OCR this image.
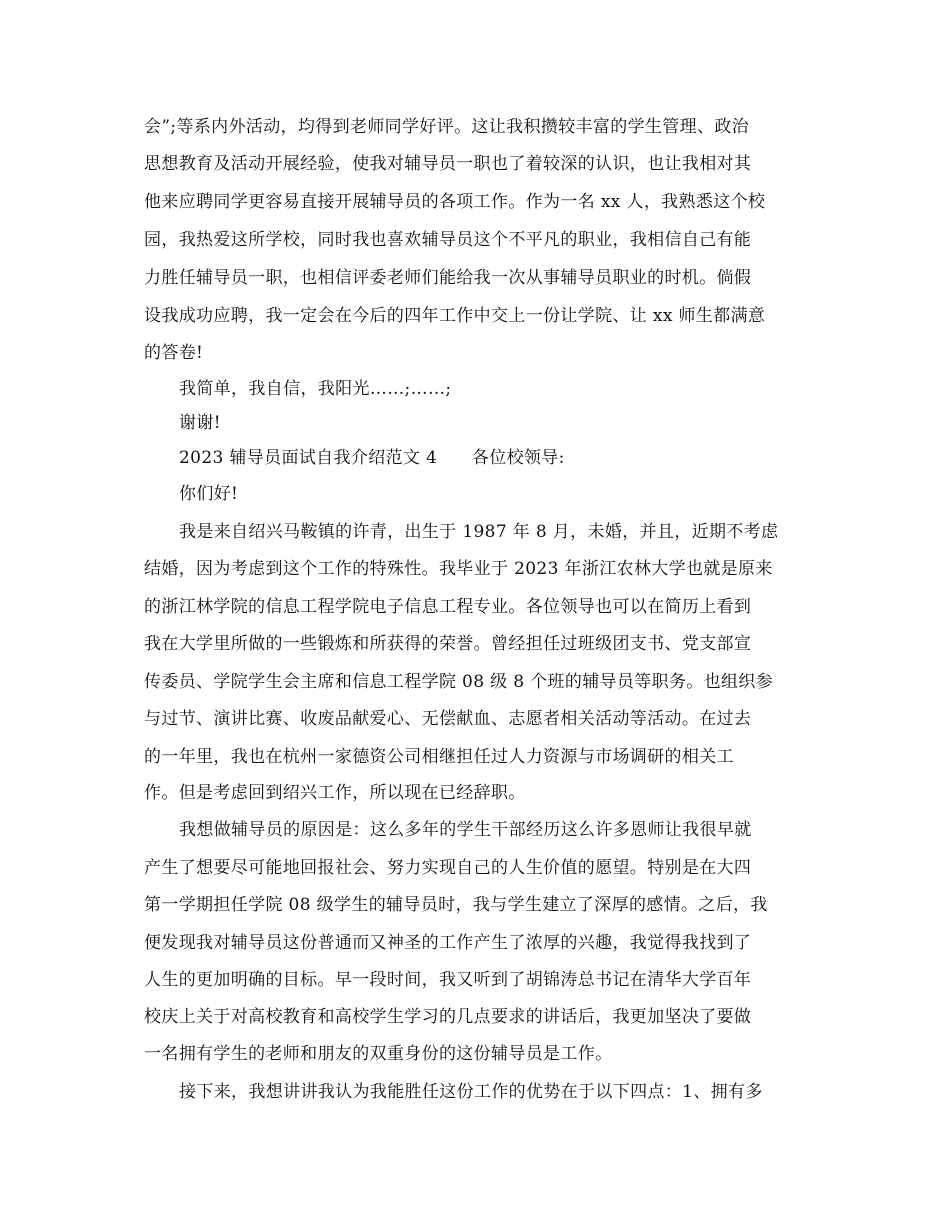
会”;等系内外活动，均得到老师同学好评。这让我积攒较丰富的学生管理、政治
思想教育及活动开展经验，使我对辅导员一职也了着较深的认识，也让我相对其
他来应聘同学更容易直接开展辅导员的各项工作。作为一名 xx 人，我熟悉这个校
园，我热爱这所学校，同时我也喜欢辅导员这个不平凡的职业，我相信自己有能
力胜任辅导员一职，也相信评委老师们能给我一次从事辅导员职业的时机。倘假
设我成功应聘，我一定会在今后的四年工作中交上一份让学院、让 xx 师生都满意
的答卷!
我简单，我自信，我阳光……;……;
谢谢!
2023 辅导员面试自我介绍范文 4　　各位校领导:
你们好!
我是来自绍兴马鞍镇的许青，出生于 1987 年 8 月，未婚，并且，近期不考虑
结婚，因为考虑到这个工作的特殊性。我毕业于 2023 年浙江农林大学也就是原来
的浙江林学院的信息工程学院电子信息工程专业。各位领导也可以在简历上看到
我在大学里所做的一些锻炼和所获得的荣誉。曾经担任过班级团支书、党支部宣
传委员、学院学生会主席和信息工程学院 08 级 8 个班的辅导员等职务。也组织参
与过节、演讲比赛、收废品献爱心、无偿献血、志愿者相关活动等活动。在过去
的一年里，我也在杭州一家德资公司相继担任过人力资源与市场调研的相关工
作。但是考虑回到绍兴工作，所以现在已经辞职。
我想做辅导员的原因是：这么多年的学生干部经历这么许多恩师让我很早就
产生了想要尽可能地回报社会、努力实现自己的人生价值的愿望。特别是在大四
第一学期担任学院 08 级学生的辅导员时，我与学生建立了深厚的感情。之后，我
便发现我对辅导员这份普通而又神圣的工作产生了浓厚的兴趣，我觉得我找到了
人生的更加明确的目标。早一段时间，我又听到了胡锦涛总书记在清华大学百年
校庆上关于对高校教育和高校学生学习的几点要求的讲话后，我更加坚决了要做
一名拥有学生的老师和朋友的双重身份的这份辅导员是工作。
接下来，我想讲讲我认为我能胜任这份工作的优势在于以下四点：1、拥有多
